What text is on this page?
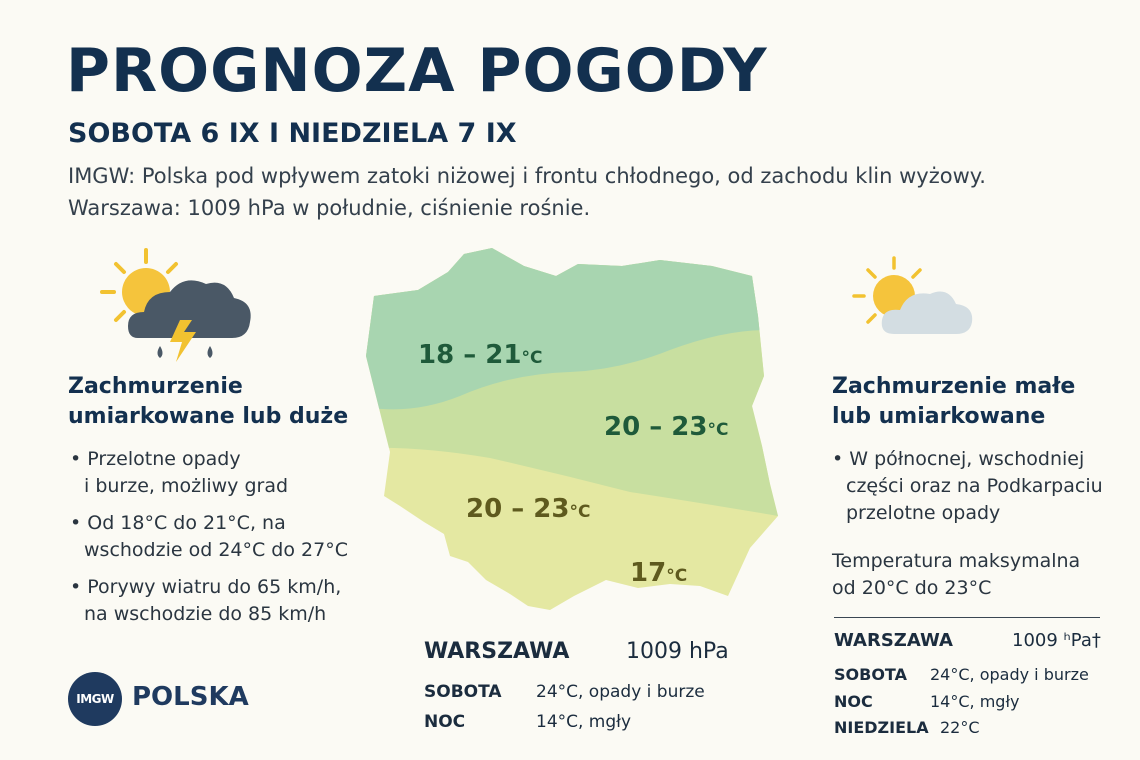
PROGNOZA POGODY
SOBOTA 6 IX I NIEDZIELA 7 IX
IMGW: Polska pod wpływem zatoki niżowej i frontu chłodnego, od zachodu klin wyżowy.
Warszawa: 1009 hPa w południe, ciśnienie rośnie.
Zachmurzenie
umiarkowane lub duże
• Przelotne opady
i burze, możliwy grad
• Od 18°C do 21°C, na
wschodzie od 24°C do 27°C
• Porywy wiatru do 65 km/h,
na wschodzie do 85 km/h
18 – 21°C
20 – 23°C
20 – 23°C
17°C
WARSZAWA	1009 hPa
SOBOTA 24°C, opady i burze
NOC	14°C, mgły
Zachmurzenie małe
lub umiarkowane
• W północnej, wschodniej
części oraz na Podkarpaciu
przelotne opady
Temperatura maksymalna
od 20°C do 23°C
WARSZAWA	1009 ʰPa†
SOBOTA 24°C, opady i burze
NOC	14°C, mgły
NIEDZIELA 22°C
IMGW POLSKA
